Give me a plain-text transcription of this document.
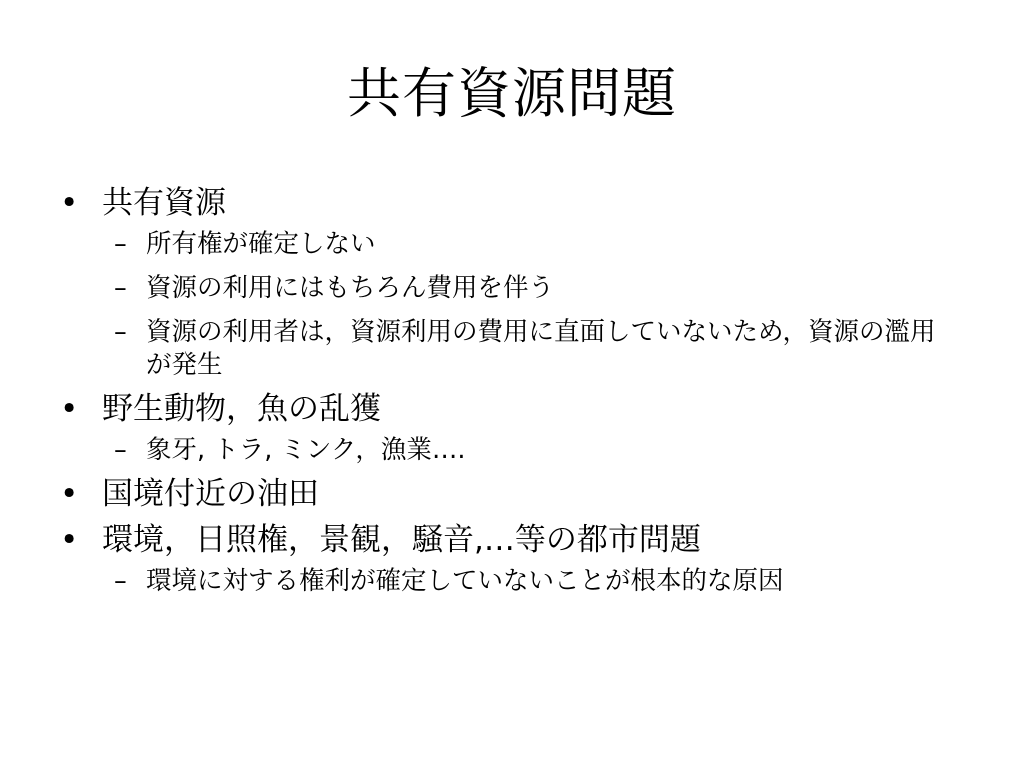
共有資源問題
• 共有資源
– 所有権が確定しない
– 資源の利用にはもちろん費用を伴う
– 資源の利用者は，資源利用の費用に直面していないため，資源の濫用が発生
• 野生動物，魚の乱獲
– 象牙, トラ, ミンク，漁業….
• 国境付近の油田
• 環境，日照権，景観，騒音,…等の都市問題
– 環境に対する権利が確定していないことが根本的な原因
